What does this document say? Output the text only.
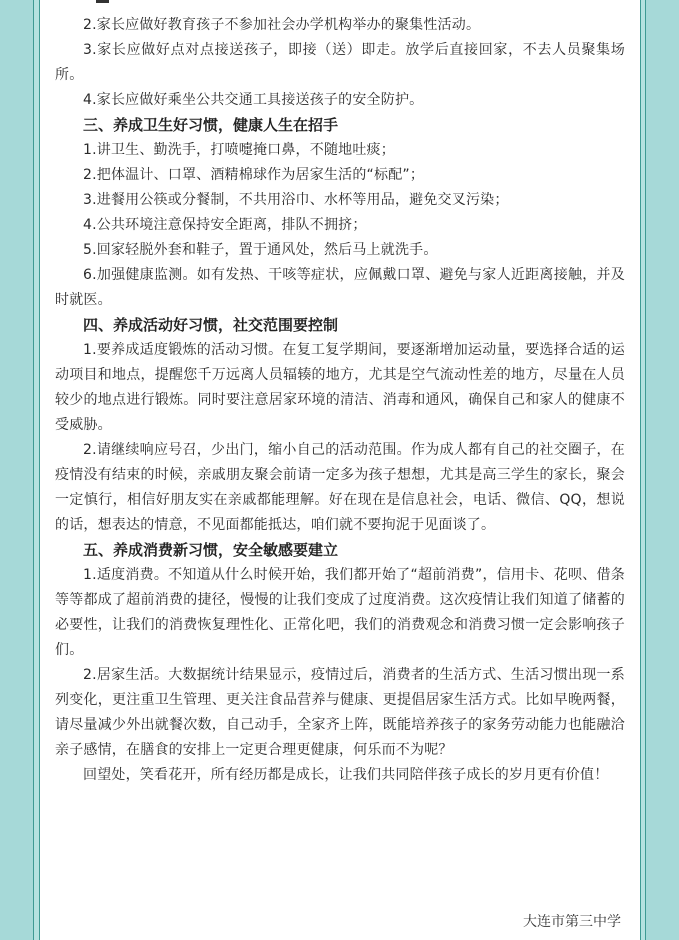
2.家长应做好教育孩子不参加社会办学机构举办的聚集性活动。

3.家长应做好点对点接送孩子，即接（送）即走。放学后直接回家，不去人员聚集场所。

4.家长应做好乘坐公共交通工具接送孩子的安全防护。

三、养成卫生好习惯，健康人生在招手

1.讲卫生、勤洗手，打喷嚏掩口鼻，不随地吐痰；

2.把体温计、口罩、酒精棉球作为居家生活的“标配”；

3.进餐用公筷或分餐制，不共用浴巾、水杯等用品，避免交叉污染；

4.公共环境注意保持安全距离，排队不拥挤；

5.回家轻脱外套和鞋子，置于通风处，然后马上就洗手。

6.加强健康监测。如有发热、干咳等症状，应佩戴口罩、避免与家人近距离接触，并及时就医。

四、养成活动好习惯，社交范围要控制

1.要养成适度锻炼的活动习惯。在复工复学期间，要逐渐增加运动量，要选择合适的运动项目和地点，提醒您千万远离人员辐辏的地方，尤其是空气流动性差的地方，尽量在人员较少的地点进行锻炼。同时要注意居家环境的清洁、消毒和通风，确保自己和家人的健康不受威胁。

2.请继续响应号召，少出门，缩小自己的活动范围。作为成人都有自己的社交圈子，在疫情没有结束的时候，亲戚朋友聚会前请一定多为孩子想想，尤其是高三学生的家长，聚会一定慎行，相信好朋友实在亲戚都能理解。好在现在是信息社会，电话、微信、QQ，想说的话，想表达的情意，不见面都能抵达，咱们就不要拘泥于见面谈了。

五、养成消费新习惯，安全敏感要建立

1.适度消费。不知道从什么时候开始，我们都开始了“超前消费”，信用卡、花呗、借条等等都成了超前消费的捷径，慢慢的让我们变成了过度消费。这次疫情让我们知道了储蓄的必要性，让我们的消费恢复理性化、正常化吧，我们的消费观念和消费习惯一定会影响孩子们。

2.居家生活。大数据统计结果显示，疫情过后，消费者的生活方式、生活习惯出现一系列变化，更注重卫生管理、更关注食品营养与健康、更提倡居家生活方式。比如早晚两餐，请尽量减少外出就餐次数，自己动手，全家齐上阵，既能培养孩子的家务劳动能力也能融洽亲子感情，在膳食的安排上一定更合理更健康，何乐而不为呢？

回望处，笑看花开，所有经历都是成长，让我们共同陪伴孩子成长的岁月更有价值！

大连市第三中学
